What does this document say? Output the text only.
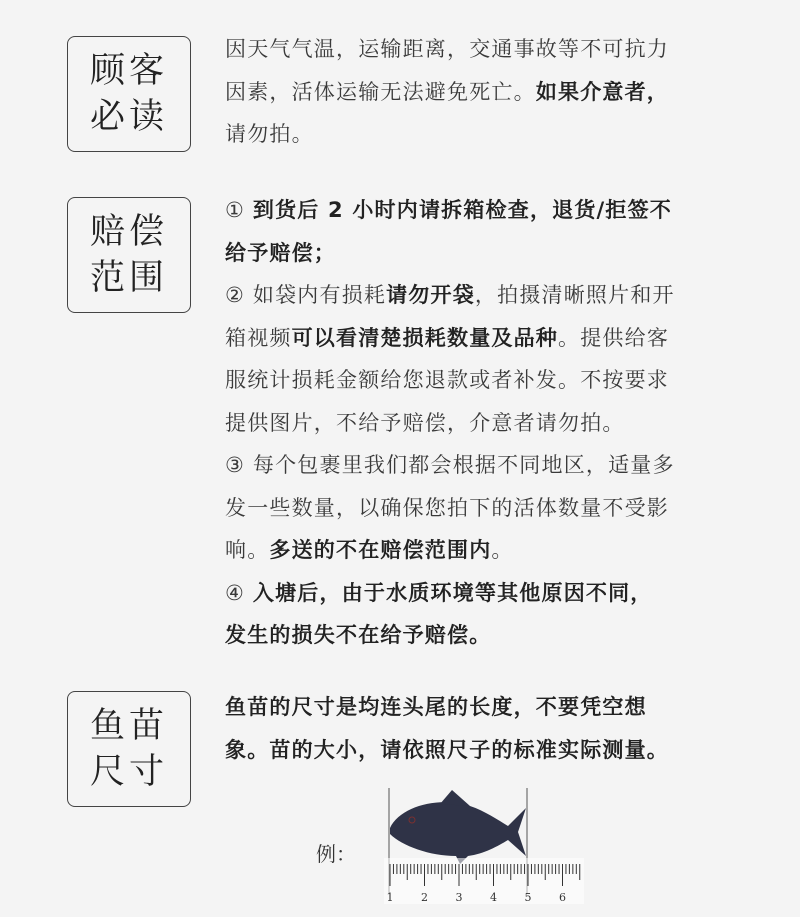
顾客
必读

因天气气温，运输距离，交通事故等不可抗力

因素，活体运输无法避免死亡。如果介意者，

请勿拍。

赔偿
范围

① 到货后 2 小时内请拆箱检查，退货/拒签不

给予赔偿；

② 如袋内有损耗请勿开袋，拍摄清晰照片和开

箱视频可以看清楚损耗数量及品种。提供给客

服统计损耗金额给您退款或者补发。不按要求

提供图片，不给予赔偿，介意者请勿拍。

③ 每个包裹里我们都会根据不同地区，适量多

发一些数量，以确保您拍下的活体数量不受影

响。多送的不在赔偿范围内。

④ 入塘后，由于水质环境等其他原因不同，

发生的损失不在给予赔偿。

鱼苗
尺寸

鱼苗的尺寸是均连头尾的长度，不要凭空想

象。苗的大小，请依照尺子的标准实际测量。

例：
1	2	3	4	5	6
